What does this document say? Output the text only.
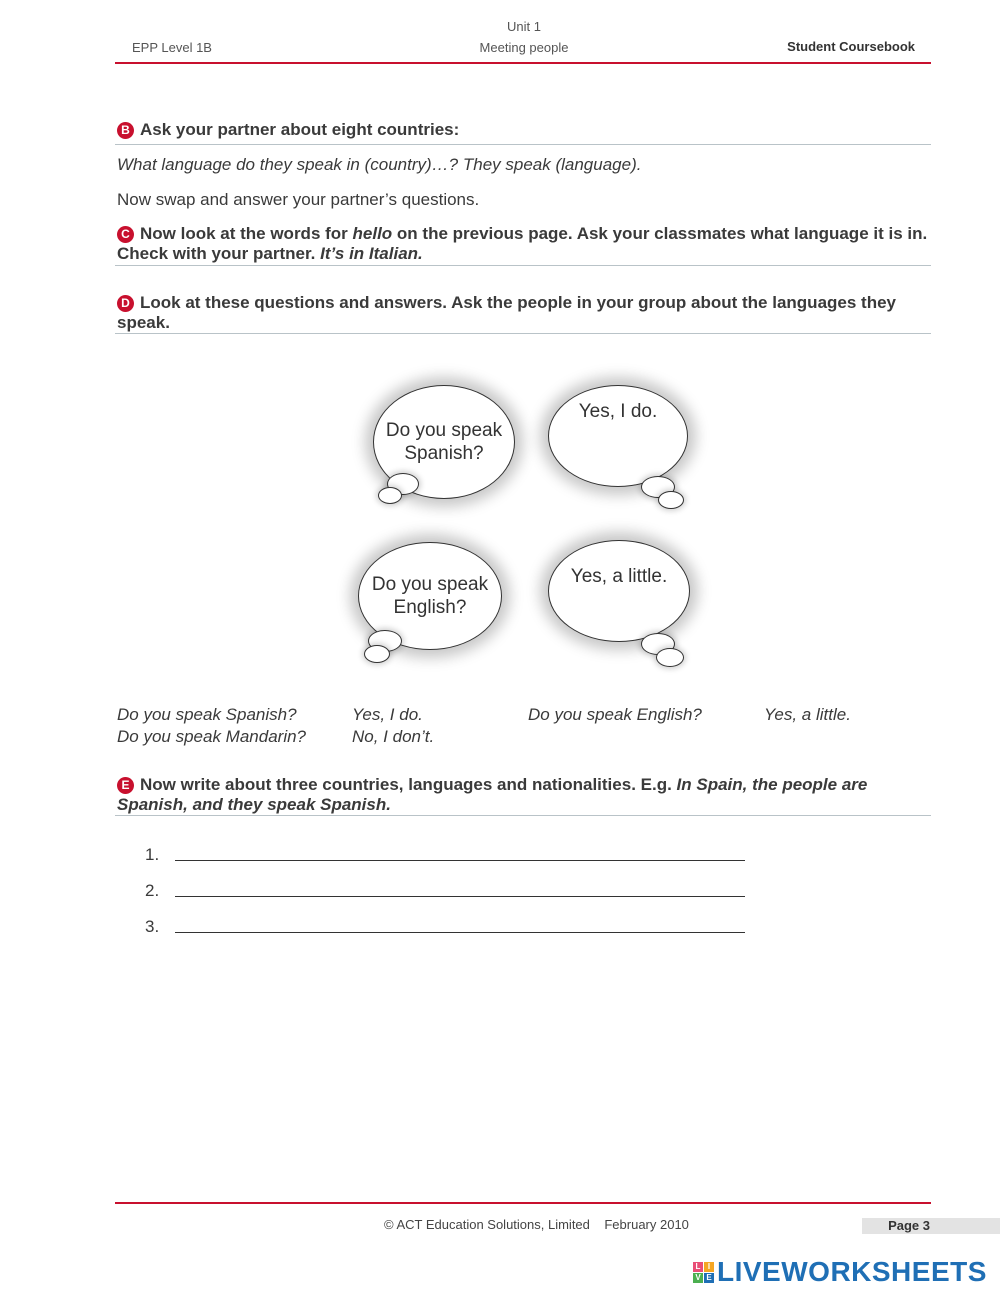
Unit 1
EPP Level 1B	Meeting people	Student Coursebook
B Ask your partner about eight countries:
What language do they speak in (country)…? They speak (language).
Now swap and answer your partner’s questions.
C Now look at the words for hello on the previous page. Ask your classmates what language it is in. Check with your partner. It’s in Italian.
D Look at these questions and answers. Ask the people in your group about the languages they speak.
Do you speak Spanish?
Yes, I do.
Do you speak English?
Yes, a little.
Do you speak Spanish?	Yes, I do.	Do you speak English?	Yes, a little.
Do you speak Mandarin?	No, I don’t.
E Now write about three countries, languages and nationalities. E.g. In Spain, the people are Spanish, and they speak Spanish.
1.
2.
3.
© ACT Education Solutions, Limited February 2010	Page 3
L I
V E LIVEWORKSHEETS
